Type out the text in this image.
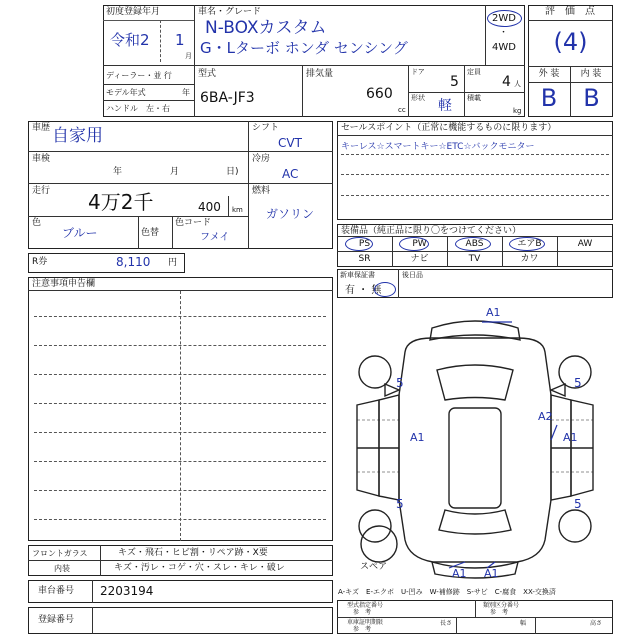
初度登録年月
令和2 1
月
車名・グレード
N-BOXカスタム
G・Lターボ ホンダ センシング
2WD
・
4WD
ディーラー・並 行
モデル年式	年
ハンドル　左・右
型式
6BA-JF3
排気量
660
cc
ドア
5
定員
4 人
形状 軽 積載
kg
評　価　点
(4)
外 装	内 装
B	B
車歴 自家用
車検
年	月	日)
走行 4万2千	400 km
色
ブルー	色替
色コード
フメイ
シフト
CVT
冷房
AC
燃料
ガソリン
R券	8,110 円
注意事項申告欄
セールスポイント（正常に機能するものに限ります）
キーレス☆スマートキー☆ETC☆バックモニター
装備品（純正品に限り〇をつけてください）
PS	PW	ABS	エアB	AW
SR	ナビ	TV	カワ
新車保証書
有 ・ 無
後日品
A1
5	5
A2
A1	A1
5	5
A1 A1
スペア
フロントガラス	キズ・飛石・ヒビ割・リペア跡・X要
内装	キズ・汚レ・コゲ・穴・スレ・キレ・破レ
車台番号 2203194
登録番号
A-キズ　E-エクボ　U-凹み　W-補修跡　S-サビ　C-腐食　XX-交換済
型式指定番号
参　考
類別区分番号
参　考
車庫証明期限
参　考
長さ	幅	高さ
